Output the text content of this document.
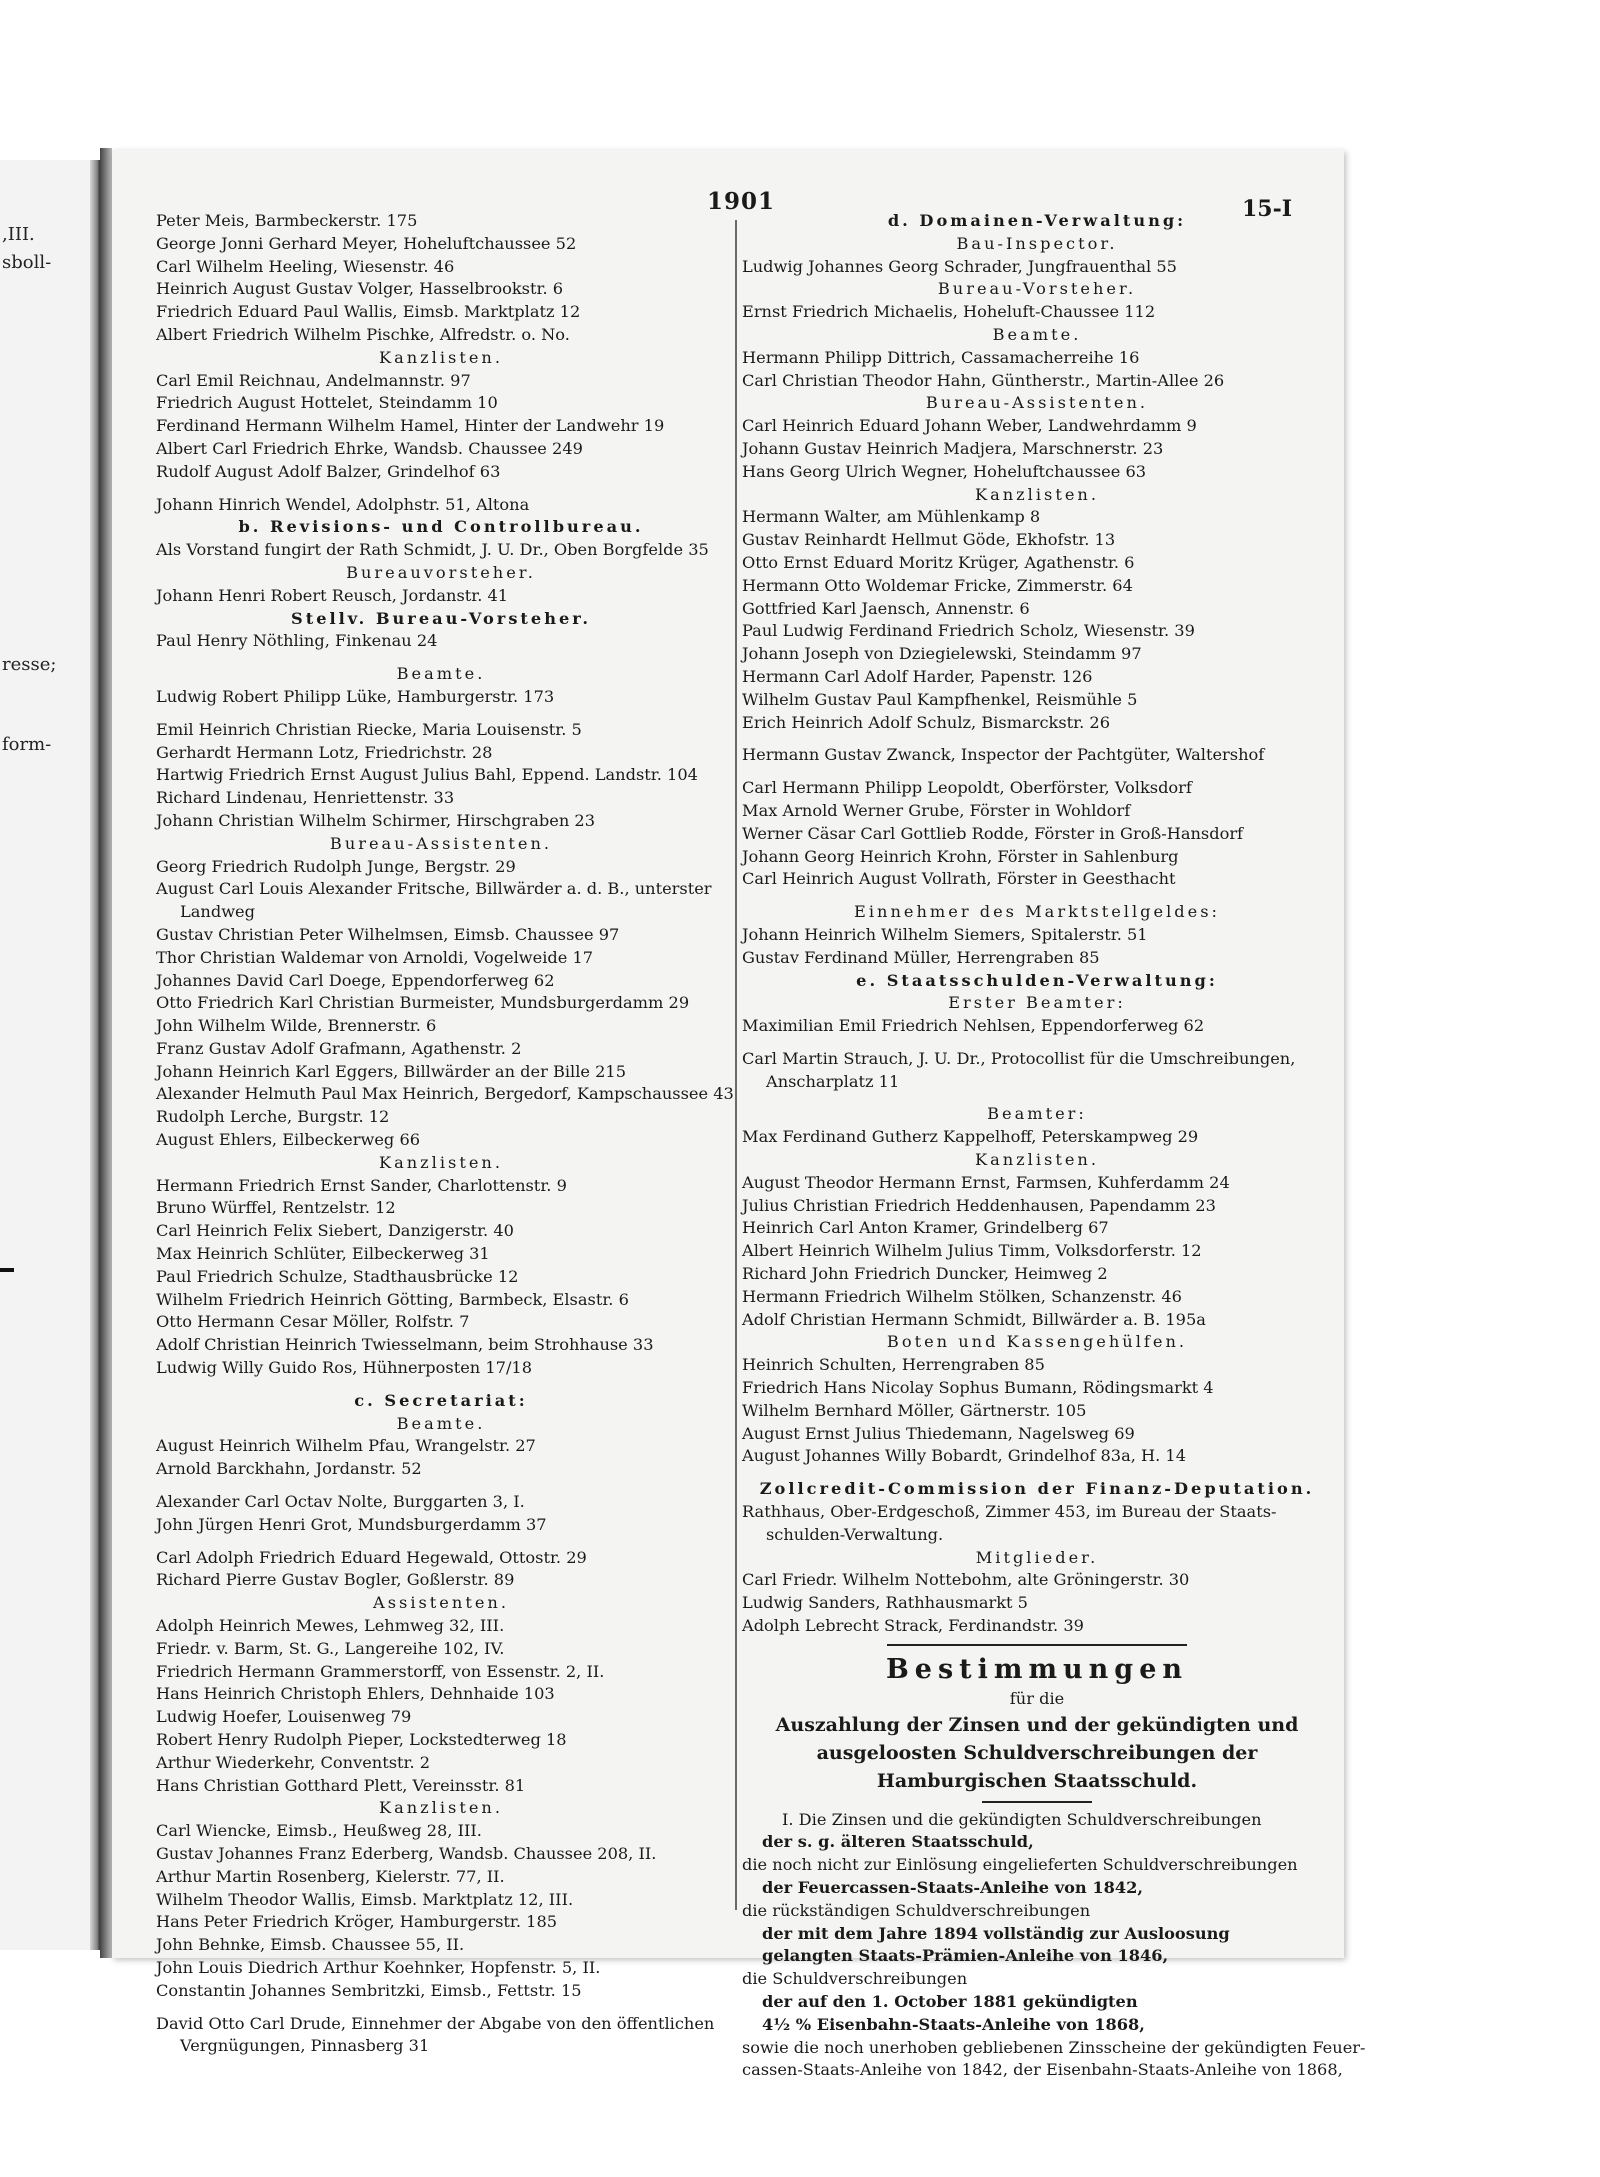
,III.
sboll-
resse;
form-
1901	15-I
Peter Meis, Barmbeckerstr. 175
George Jonni Gerhard Meyer, Hoheluftchaussee 52
Carl Wilhelm Heeling, Wiesenstr. 46
Heinrich August Gustav Volger, Hasselbrookstr. 6
Friedrich Eduard Paul Wallis, Eimsb. Marktplatz 12
Albert Friedrich Wilhelm Pischke, Alfredstr. o. No.
Kanzlisten.
Carl Emil Reichnau, Andelmannstr. 97
Friedrich August Hottelet, Steindamm 10
Ferdinand Hermann Wilhelm Hamel, Hinter der Landwehr 19
Albert Carl Friedrich Ehrke, Wandsb. Chaussee 249
Rudolf August Adolf Balzer, Grindelhof 63
Johann Hinrich Wendel, Adolphstr. 51, Altona
b. Revisions- und Controllbureau.
Als Vorstand fungirt der Rath Schmidt, J. U. Dr., Oben Borgfelde 35
Bureauvorsteher.
Johann Henri Robert Reusch, Jordanstr. 41
Stellv. Bureau-Vorsteher.
Paul Henry Nöthling, Finkenau 24
Beamte.
Ludwig Robert Philipp Lüke, Hamburgerstr. 173
Emil Heinrich Christian Riecke, Maria Louisenstr. 5
Gerhardt Hermann Lotz, Friedrichstr. 28
Hartwig Friedrich Ernst August Julius Bahl, Eppend. Landstr. 104
Richard Lindenau, Henriettenstr. 33
Johann Christian Wilhelm Schirmer, Hirschgraben 23
Bureau-Assistenten.
Georg Friedrich Rudolph Junge, Bergstr. 29
August Carl Louis Alexander Fritsche, Billwärder a. d. B., unterster
Landweg
Gustav Christian Peter Wilhelmsen, Eimsb. Chaussee 97
Thor Christian Waldemar von Arnoldi, Vogelweide 17
Johannes David Carl Doege, Eppendorferweg 62
Otto Friedrich Karl Christian Burmeister, Mundsburgerdamm 29
John Wilhelm Wilde, Brennerstr. 6
Franz Gustav Adolf Grafmann, Agathenstr. 2
Johann Heinrich Karl Eggers, Billwärder an der Bille 215
Alexander Helmuth Paul Max Heinrich, Bergedorf, Kampschaussee 43
Rudolph Lerche, Burgstr. 12
August Ehlers, Eilbeckerweg 66
Kanzlisten.
Hermann Friedrich Ernst Sander, Charlottenstr. 9
Bruno Würffel, Rentzelstr. 12
Carl Heinrich Felix Siebert, Danzigerstr. 40
Max Heinrich Schlüter, Eilbeckerweg 31
Paul Friedrich Schulze, Stadthausbrücke 12
Wilhelm Friedrich Heinrich Götting, Barmbeck, Elsastr. 6
Otto Hermann Cesar Möller, Rolfstr. 7
Adolf Christian Heinrich Twiesselmann, beim Strohhause 33
Ludwig Willy Guido Ros, Hühnerposten 17/18
c. Secretariat:
Beamte.
August Heinrich Wilhelm Pfau, Wrangelstr. 27
Arnold Barckhahn, Jordanstr. 52
Alexander Carl Octav Nolte, Burggarten 3, I.
John Jürgen Henri Grot, Mundsburgerdamm 37
Carl Adolph Friedrich Eduard Hegewald, Ottostr. 29
Richard Pierre Gustav Bogler, Goßlerstr. 89
Assistenten.
Adolph Heinrich Mewes, Lehmweg 32, III.
Friedr. v. Barm, St. G., Langereihe 102, IV.
Friedrich Hermann Grammerstorff, von Essenstr. 2, II.
Hans Heinrich Christoph Ehlers, Dehnhaide 103
Ludwig Hoefer, Louisenweg 79
Robert Henry Rudolph Pieper, Lockstedterweg 18
Arthur Wiederkehr, Conventstr. 2
Hans Christian Gotthard Plett, Vereinsstr. 81
Kanzlisten.
Carl Wiencke, Eimsb., Heußweg 28, III.
Gustav Johannes Franz Ederberg, Wandsb. Chaussee 208, II.
Arthur Martin Rosenberg, Kielerstr. 77, II.
Wilhelm Theodor Wallis, Eimsb. Marktplatz 12, III.
Hans Peter Friedrich Kröger, Hamburgerstr. 185
John Behnke, Eimsb. Chaussee 55, II.
John Louis Diedrich Arthur Koehnker, Hopfenstr. 5, II.
Constantin Johannes Sembritzki, Eimsb., Fettstr. 15
David Otto Carl Drude, Einnehmer der Abgabe von den öffentlichen
Vergnügungen, Pinnasberg 31
d. Domainen-Verwaltung:
Bau-Inspector.
Ludwig Johannes Georg Schrader, Jungfrauenthal 55
Bureau-Vorsteher.
Ernst Friedrich Michaelis, Hoheluft-Chaussee 112
Beamte.
Hermann Philipp Dittrich, Cassamacherreihe 16
Carl Christian Theodor Hahn, Güntherstr., Martin-Allee 26
Bureau-Assistenten.
Carl Heinrich Eduard Johann Weber, Landwehrdamm 9
Johann Gustav Heinrich Madjera, Marschnerstr. 23
Hans Georg Ulrich Wegner, Hoheluftchaussee 63
Kanzlisten.
Hermann Walter, am Mühlenkamp 8
Gustav Reinhardt Hellmut Göde, Ekhofstr. 13
Otto Ernst Eduard Moritz Krüger, Agathenstr. 6
Hermann Otto Woldemar Fricke, Zimmerstr. 64
Gottfried Karl Jaensch, Annenstr. 6
Paul Ludwig Ferdinand Friedrich Scholz, Wiesenstr. 39
Johann Joseph von Dziegielewski, Steindamm 97
Hermann Carl Adolf Harder, Papenstr. 126
Wilhelm Gustav Paul Kampfhenkel, Reismühle 5
Erich Heinrich Adolf Schulz, Bismarckstr. 26
Hermann Gustav Zwanck, Inspector der Pachtgüter, Waltershof
Carl Hermann Philipp Leopoldt, Oberförster, Volksdorf
Max Arnold Werner Grube, Förster in Wohldorf
Werner Cäsar Carl Gottlieb Rodde, Förster in Groß-Hansdorf
Johann Georg Heinrich Krohn, Förster in Sahlenburg
Carl Heinrich August Vollrath, Förster in Geesthacht
Einnehmer des Marktstellgeldes:
Johann Heinrich Wilhelm Siemers, Spitalerstr. 51
Gustav Ferdinand Müller, Herrengraben 85
e. Staatsschulden-Verwaltung:
Erster Beamter:
Maximilian Emil Friedrich Nehlsen, Eppendorferweg 62
Carl Martin Strauch, J. U. Dr., Protocollist für die Umschreibungen,
Anscharplatz 11
Beamter:
Max Ferdinand Gutherz Kappelhoff, Peterskampweg 29
Kanzlisten.
August Theodor Hermann Ernst, Farmsen, Kuhferdamm 24
Julius Christian Friedrich Heddenhausen, Papendamm 23
Heinrich Carl Anton Kramer, Grindelberg 67
Albert Heinrich Wilhelm Julius Timm, Volksdorferstr. 12
Richard John Friedrich Duncker, Heimweg 2
Hermann Friedrich Wilhelm Stölken, Schanzenstr. 46
Adolf Christian Hermann Schmidt, Billwärder a. B. 195a
Boten und Kassengehülfen.
Heinrich Schulten, Herrengraben 85
Friedrich Hans Nicolay Sophus Bumann, Rödingsmarkt 4
Wilhelm Bernhard Möller, Gärtnerstr. 105
August Ernst Julius Thiedemann, Nagelsweg 69
August Johannes Willy Bobardt, Grindelhof 83a, H. 14
Zollcredit-Commission der Finanz-Deputation.
Rathhaus, Ober-Erdgeschoß, Zimmer 453, im Bureau der Staats-
schulden-Verwaltung.
Mitglieder.
Carl Friedr. Wilhelm Nottebohm, alte Gröningerstr. 30
Ludwig Sanders, Rathhausmarkt 5
Adolph Lebrecht Strack, Ferdinandstr. 39
Bestimmungen
für die
Auszahlung der Zinsen und der gekündigten und
ausgeloosten Schuldverschreibungen der
Hamburgischen Staatsschuld.
I. Die Zinsen und die gekündigten Schuldverschreibungen
der s. g. älteren Staatsschuld,
die noch nicht zur Einlösung eingelieferten Schuldverschreibungen
der Feuercassen-Staats-Anleihe von 1842,
die rückständigen Schuldverschreibungen
der mit dem Jahre 1894 vollständig zur Ausloosung
gelangten Staats-Prämien-Anleihe von 1846,
die Schuldverschreibungen
der auf den 1. October 1881 gekündigten
4½ % Eisenbahn-Staats-Anleihe von 1868,
sowie die noch unerhoben gebliebenen Zinsscheine der gekündigten Feuer-
cassen-Staats-Anleihe von 1842, der Eisenbahn-Staats-Anleihe von 1868,
